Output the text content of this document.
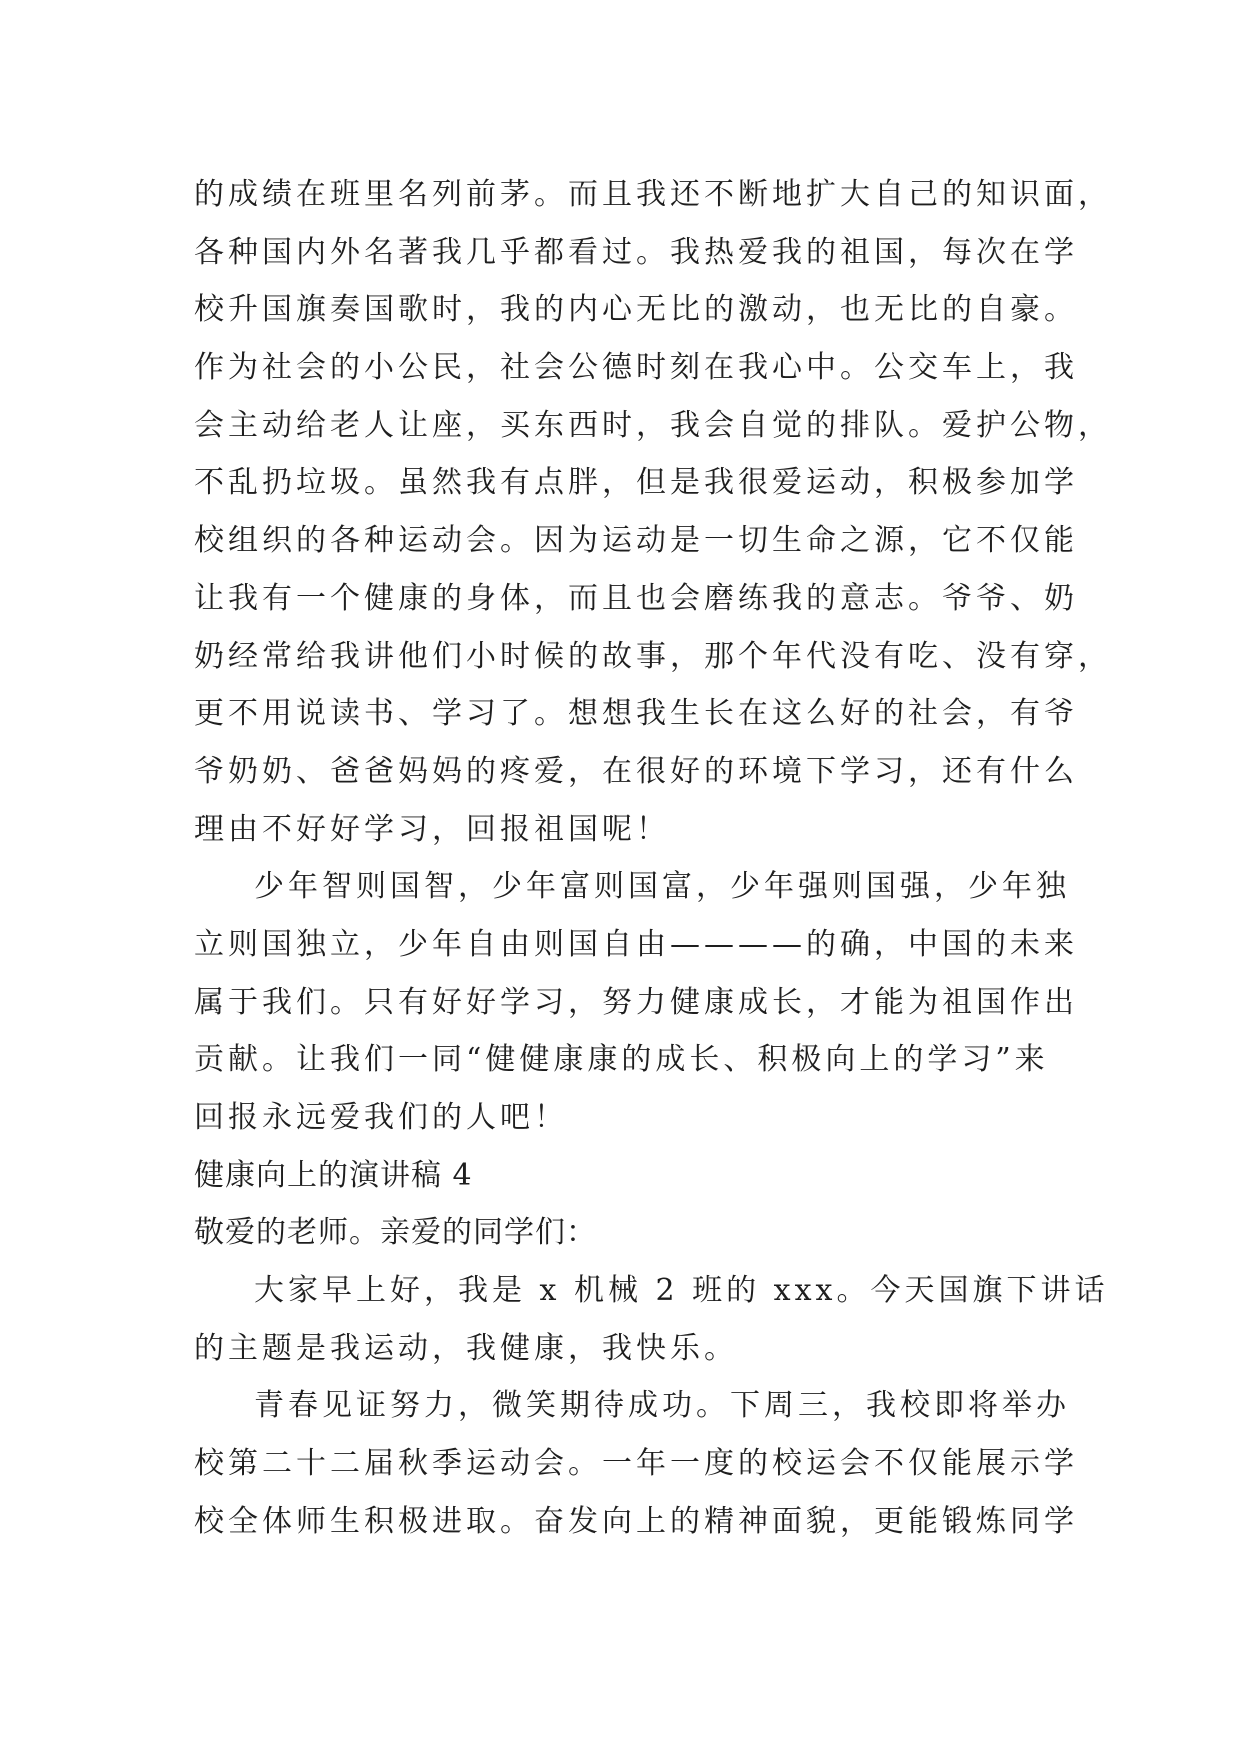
的成绩在班里名列前茅。而且我还不断地扩大自己的知识面，
各种国内外名著我几乎都看过。我热爱我的祖国，每次在学
校升国旗奏国歌时，我的内心无比的激动，也无比的自豪。
作为社会的小公民，社会公德时刻在我心中。公交车上，我
会主动给老人让座，买东西时，我会自觉的排队。爱护公物，
不乱扔垃圾。虽然我有点胖，但是我很爱运动，积极参加学
校组织的各种运动会。因为运动是一切生命之源，它不仅能
让我有一个健康的身体，而且也会磨练我的意志。爷爷、奶
奶经常给我讲他们小时候的故事，那个年代没有吃、没有穿，
更不用说读书、学习了。想想我生长在这么好的社会，有爷
爷奶奶、爸爸妈妈的疼爱，在很好的环境下学习，还有什么
理由不好好学习，回报祖国呢！
少年智则国智，少年富则国富，少年强则国强，少年独
立则国独立，少年自由则国自由————的确，中国的未来
属于我们。只有好好学习，努力健康成长，才能为祖国作出
贡献。让我们一同“健健康康的成长、积极向上的学习”来
回报永远爱我们的人吧！
健康向上的演讲稿 4
敬爱的老师。亲爱的同学们：
大家早上好，我是 x 机械 2 班的 xxx。今天国旗下讲话
的主题是我运动，我健康，我快乐。
青春见证努力，微笑期待成功。下周三，我校即将举办
校第二十二届秋季运动会。一年一度的校运会不仅能展示学
校全体师生积极进取。奋发向上的精神面貌，更能锻炼同学
